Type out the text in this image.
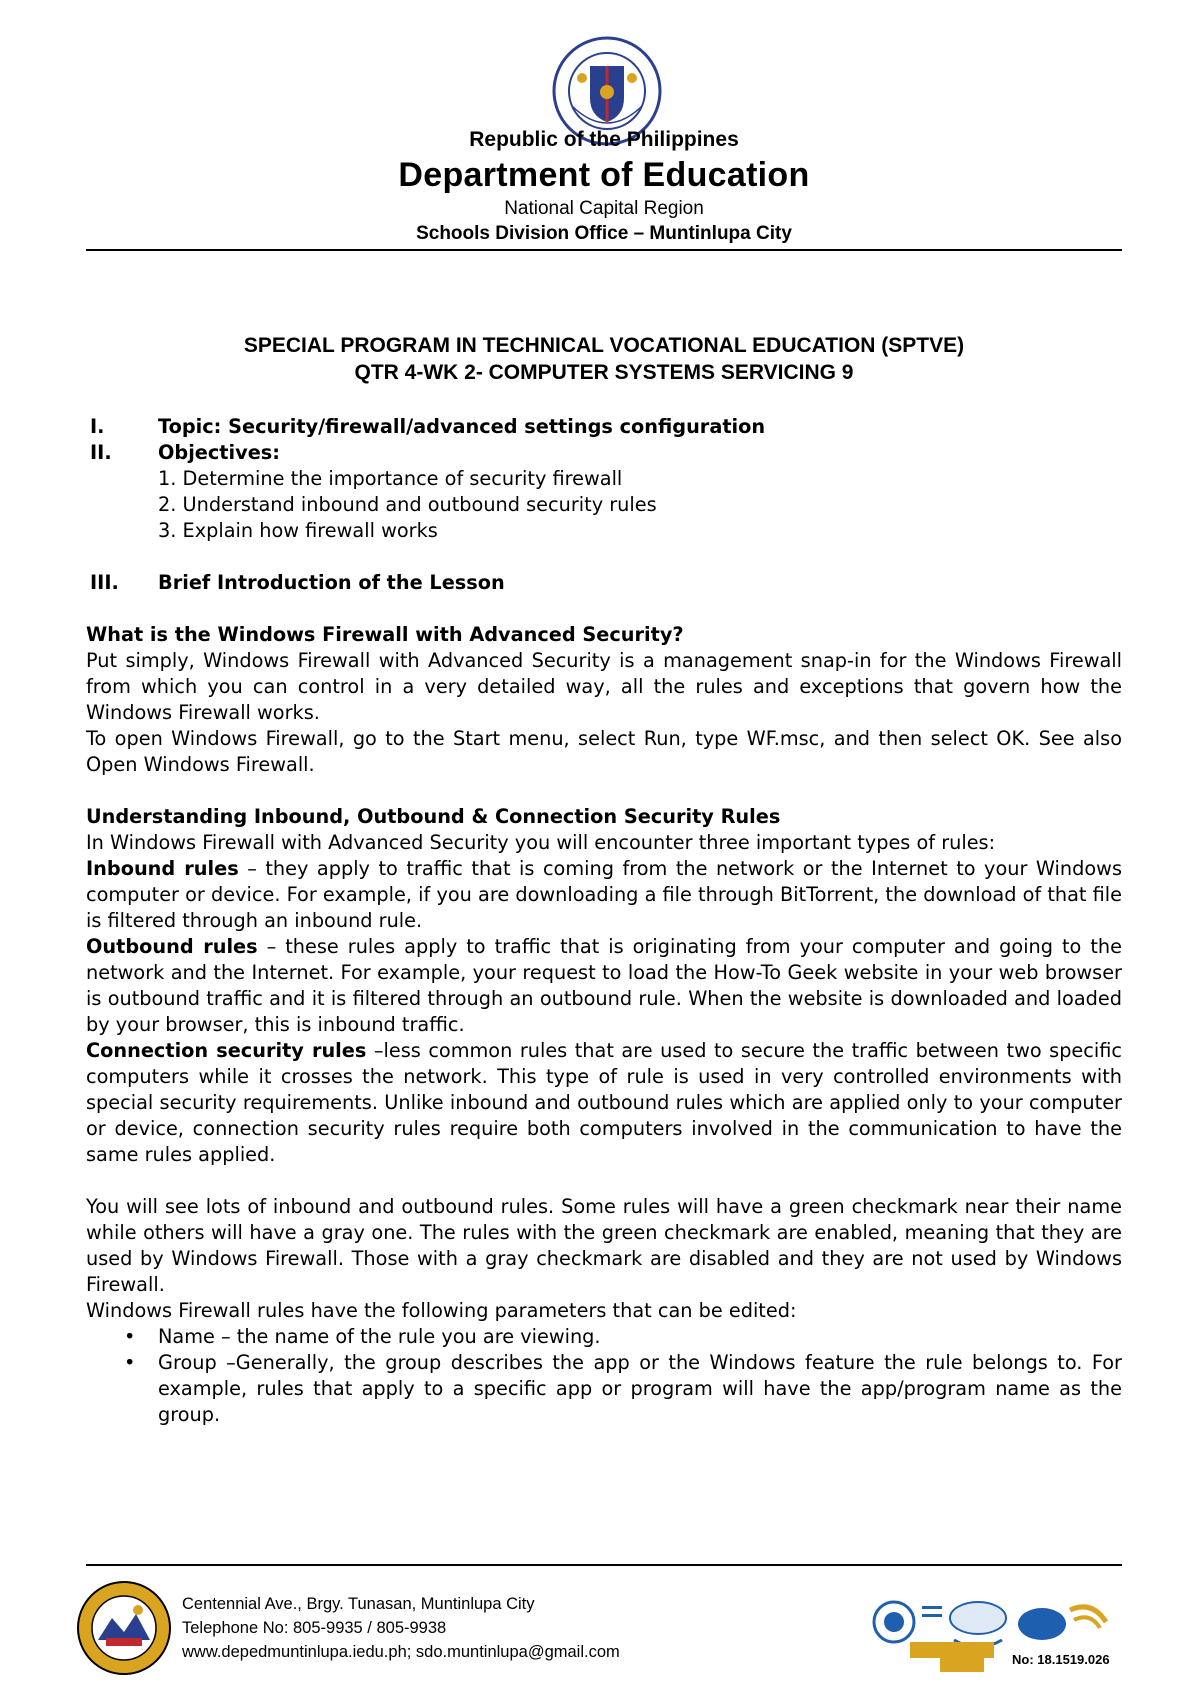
Republic of the Philippines
Department of Education
National Capital Region
Schools Division Office – Muntinlupa City
SPECIAL PROGRAM IN TECHNICAL VOCATIONAL EDUCATION (SPTVE)
QTR 4-WK 2- COMPUTER SYSTEMS SERVICING 9
I.	Topic: Security/firewall/advanced settings configuration
II.	Objectives:
1. Determine the importance of security firewall
2. Understand inbound and outbound security rules
3. Explain how firewall works
III.	Brief Introduction of the Lesson
What is the Windows Firewall with Advanced Security?

Put simply, Windows Firewall with Advanced Security is a management snap-in for the Windows Firewall from which you can control in a very detailed way, all the rules and exceptions that govern how the Windows Firewall works.

To open Windows Firewall, go to the Start menu, select Run, type WF.msc, and then select OK. See also Open Windows Firewall.

Understanding Inbound, Outbound & Connection Security Rules

In Windows Firewall with Advanced Security you will encounter three important types of rules:

Inbound rules – they apply to traffic that is coming from the network or the Internet to your Windows computer or device. For example, if you are downloading a file through BitTorrent, the download of that file is filtered through an inbound rule.

Outbound rules – these rules apply to traffic that is originating from your computer and going to the network and the Internet. For example, your request to load the How-To Geek website in your web browser is outbound traffic and it is filtered through an outbound rule. When the website is downloaded and loaded by your browser, this is inbound traffic.

Connection security rules –less common rules that are used to secure the traffic between two specific computers while it crosses the network. This type of rule is used in very controlled environments with special security requirements. Unlike inbound and outbound rules which are applied only to your computer or device, connection security rules require both computers involved in the communication to have the same rules applied.

You will see lots of inbound and outbound rules. Some rules will have a green checkmark near their name while others will have a gray one. The rules with the green checkmark are enabled, meaning that they are used by Windows Firewall. Those with a gray checkmark are disabled and they are not used by Windows Firewall.

Windows Firewall rules have the following parameters that can be edited:

•	Name – the name of the rule you are viewing.
•	Group –Generally, the group describes the app or the Windows feature the rule belongs to. For example, rules that apply to a specific app or program will have the app/program name as the group.
Centennial Ave., Brgy. Tunasan, Muntinlupa City
Telephone No: 805-9935 / 805-9938
www.depedmuntinlupa.iedu.ph; sdo.muntinlupa@gmail.com	No: 18.1519.026
